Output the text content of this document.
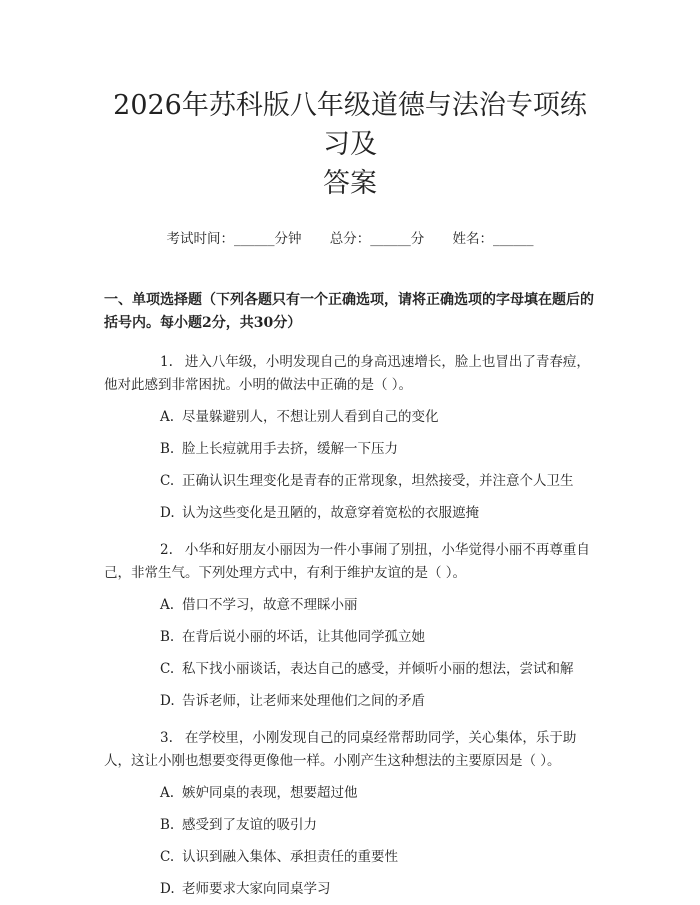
2026年苏科版八年级道德与法治专项练习及
答案
考试时间：______分钟 总分：______分 姓名：______
一、单项选择题（下列各题只有一个正确选项，请将正确选项的字母填在题后的
括号内。每小题2分，共30分）
1. 进入八年级，小明发现自己的身高迅速增长，脸上也冒出了青春痘，他对此感到非常困扰。小明的做法中正确的是（ ）。
A. 尽量躲避别人，不想让别人看到自己的变化
B. 脸上长痘就用手去挤，缓解一下压力
C. 正确认识生理变化是青春的正常现象，坦然接受，并注意个人卫生
D. 认为这些变化是丑陋的，故意穿着宽松的衣服遮掩
2. 小华和好朋友小丽因为一件小事闹了别扭，小华觉得小丽不再尊重自己，非常生气。下列处理方式中，有利于维护友谊的是（ ）。
A. 借口不学习，故意不理睬小丽
B. 在背后说小丽的坏话，让其他同学孤立她
C. 私下找小丽谈话，表达自己的感受，并倾听小丽的想法，尝试和解
D. 告诉老师，让老师来处理他们之间的矛盾
3. 在学校里，小刚发现自己的同桌经常帮助同学，关心集体，乐于助人，这让小刚也想要变得更像他一样。小刚产生这种想法的主要原因是（ ）。
A. 嫉妒同桌的表现，想要超过他
B. 感受到了友谊的吸引力
C. 认识到融入集体、承担责任的重要性
D. 老师要求大家向同桌学习
